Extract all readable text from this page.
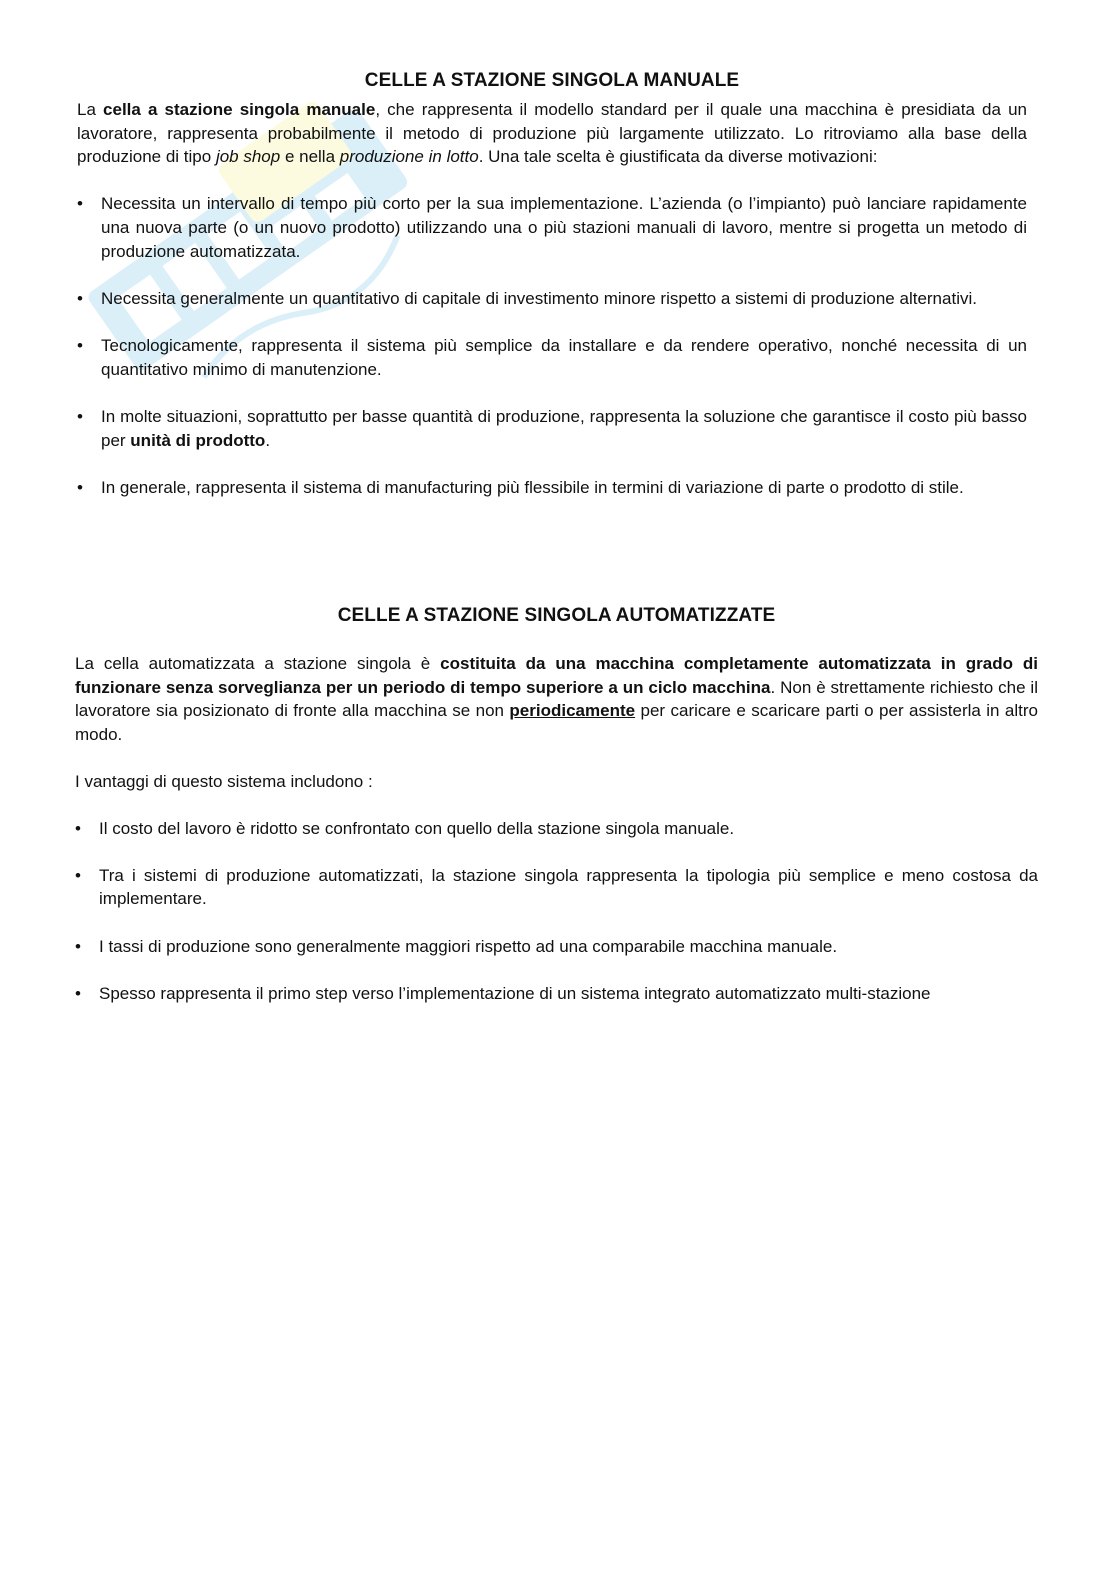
CELLE A STAZIONE SINGOLA MANUALE

La cella a stazione singola manuale, che rappresenta il modello standard per il quale una macchina è presidiata da un lavoratore, rappresenta probabilmente il metodo di produzione più largamente utilizzato. Lo ritroviamo alla base della produzione di tipo job shop e nella produzione in lotto. Una tale scelta è giustificata da diverse motivazioni:

• Necessita un intervallo di tempo più corto per la sua implementazione. L’azienda (o l’impianto) può lanciare rapidamente una nuova parte (o un nuovo prodotto) utilizzando una o più stazioni manuali di lavoro, mentre si progetta un metodo di produzione automatizzata.
• Necessita generalmente un quantitativo di capitale di investimento minore rispetto a sistemi di produzione alternativi.
• Tecnologicamente, rappresenta il sistema più semplice da installare e da rendere operativo, nonché necessita di un quantitativo minimo di manutenzione.
• In molte situazioni, soprattutto per basse quantità di produzione, rappresenta la soluzione che garantisce il costo più basso per unità di prodotto.
• In generale, rappresenta il sistema di manufacturing più flessibile in termini di variazione di parte o prodotto di stile.
CELLE A STAZIONE SINGOLA AUTOMATIZZATE

La cella automatizzata a stazione singola è costituita da una macchina completamente automatizzata in grado di funzionare senza sorveglianza per un periodo di tempo superiore a un ciclo macchina. Non è strettamente richiesto che il lavoratore sia posizionato di fronte alla macchina se non periodicamente per caricare e scaricare parti o per assisterla in altro modo.

I vantaggi di questo sistema includono :

• Il costo del lavoro è ridotto se confrontato con quello della stazione singola manuale.
• Tra i sistemi di produzione automatizzati, la stazione singola rappresenta la tipologia più semplice e meno costosa da implementare.
• I tassi di produzione sono generalmente maggiori rispetto ad una comparabile macchina manuale.
• Spesso rappresenta il primo step verso l’implementazione di un sistema integrato automatizzato multi-stazione
